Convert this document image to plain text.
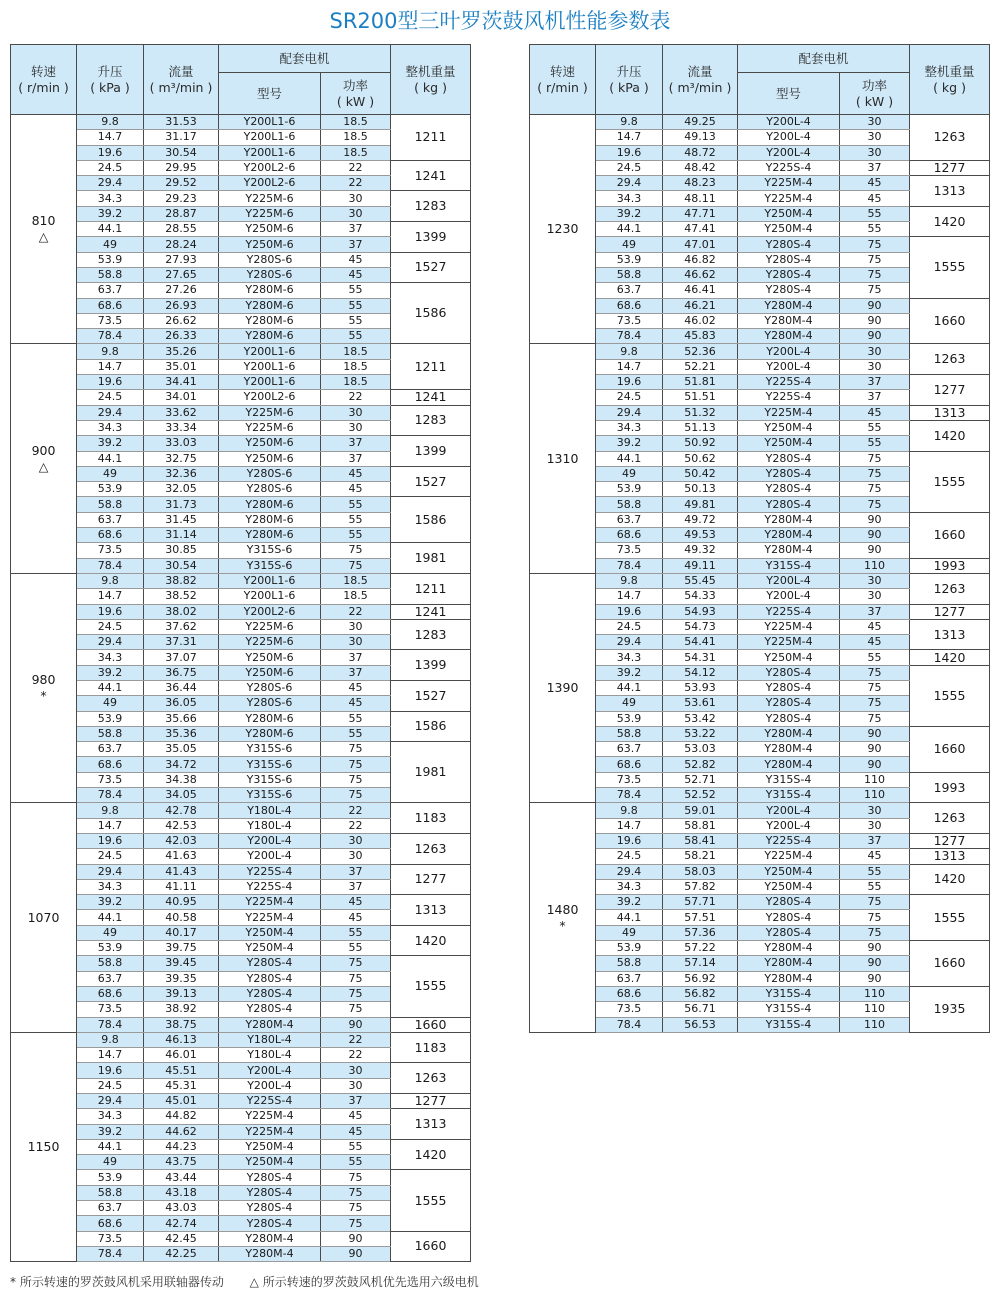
SR200型三叶罗茨鼓风机性能参数表
转速
( r/min )	升压
( kPa )	流量
( m³/min )	配套电机		整机重量
( kg )
			型号	功率
( kW )	
810
△	9.8	31.53	Y200L1-6	18.5	1211
	14.7	31.17	Y200L1-6	18.5	
	19.6	30.54	Y200L1-6	18.5	
	24.5	29.95	Y200L2-6	22	1241
	29.4	29.52	Y200L2-6	22	
	34.3	29.23	Y225M-6	30	1283
	39.2	28.87	Y225M-6	30	
	44.1	28.55	Y250M-6	37	1399
	49	28.24	Y250M-6	37	
	53.9	27.93	Y280S-6	45	1527
	58.8	27.65	Y280S-6	45	
	63.7	27.26	Y280M-6	55	1586
	68.6	26.93	Y280M-6	55	
	73.5	26.62	Y280M-6	55	
	78.4	26.33	Y280M-6	55	
900
△	9.8	35.26	Y200L1-6	18.5	1211
	14.7	35.01	Y200L1-6	18.5	
	19.6	34.41	Y200L1-6	18.5	
	24.5	34.01	Y200L2-6	22	1241
	29.4	33.62	Y225M-6	30	1283
	34.3	33.34	Y225M-6	30	
	39.2	33.03	Y250M-6	37	1399
	44.1	32.75	Y250M-6	37	
	49	32.36	Y280S-6	45	1527
	53.9	32.05	Y280S-6	45	
	58.8	31.73	Y280M-6	55	1586
	63.7	31.45	Y280M-6	55	
	68.6	31.14	Y280M-6	55	
	73.5	30.85	Y315S-6	75	1981
	78.4	30.54	Y315S-6	75	
980
*	9.8	38.82	Y200L1-6	18.5	1211
	14.7	38.52	Y200L1-6	18.5	
	19.6	38.02	Y200L2-6	22	1241
	24.5	37.62	Y225M-6	30	1283
	29.4	37.31	Y225M-6	30	
	34.3	37.07	Y250M-6	37	1399
	39.2	36.75	Y250M-6	37	
	44.1	36.44	Y280S-6	45	1527
	49	36.05	Y280S-6	45	
	53.9	35.66	Y280M-6	55	1586
	58.8	35.36	Y280M-6	55	
	63.7	35.05	Y315S-6	75	1981
	68.6	34.72	Y315S-6	75	
	73.5	34.38	Y315S-6	75	
	78.4	34.05	Y315S-6	75	
1070	9.8	42.78	Y180L-4	22	1183
	14.7	42.53	Y180L-4	22	
	19.6	42.03	Y200L-4	30	1263
	24.5	41.63	Y200L-4	30	
	29.4	41.43	Y225S-4	37	1277
	34.3	41.11	Y225S-4	37	
	39.2	40.95	Y225M-4	45	1313
	44.1	40.58	Y225M-4	45	
	49	40.17	Y250M-4	55	1420
	53.9	39.75	Y250M-4	55	
	58.8	39.45	Y280S-4	75	1555
	63.7	39.35	Y280S-4	75	
	68.6	39.13	Y280S-4	75	
	73.5	38.92	Y280S-4	75	
	78.4	38.75	Y280M-4	90	1660
1150	9.8	46.13	Y180L-4	22	1183
	14.7	46.01	Y180L-4	22	
	19.6	45.51	Y200L-4	30	1263
	24.5	45.31	Y200L-4	30	
	29.4	45.01	Y225S-4	37	1277
	34.3	44.82	Y225M-4	45	1313
	39.2	44.62	Y225M-4	45	
	44.1	44.23	Y250M-4	55	1420
	49	43.75	Y250M-4	55	
	53.9	43.44	Y280S-4	75	1555
	58.8	43.18	Y280S-4	75	
	63.7	43.03	Y280S-4	75	
	68.6	42.74	Y280S-4	75	
	73.5	42.45	Y280M-4	90	1660
	78.4	42.25	Y280M-4	90	
转速
( r/min )	升压
( kPa )	流量
( m³/min )	配套电机		整机重量
( kg )
			型号	功率
( kW )	
1230	9.8	49.25	Y200L-4	30	1263
	14.7	49.13	Y200L-4	30	
	19.6	48.72	Y200L-4	30	
	24.5	48.42	Y225S-4	37	1277
	29.4	48.23	Y225M-4	45	1313
	34.3	48.11	Y225M-4	45	
	39.2	47.71	Y250M-4	55	1420
	44.1	47.41	Y250M-4	55	
	49	47.01	Y280S-4	75	1555
	53.9	46.82	Y280S-4	75	
	58.8	46.62	Y280S-4	75	
	63.7	46.41	Y280S-4	75	
	68.6	46.21	Y280M-4	90	1660
	73.5	46.02	Y280M-4	90	
	78.4	45.83	Y280M-4	90	
1310	9.8	52.36	Y200L-4	30	1263
	14.7	52.21	Y200L-4	30	
	19.6	51.81	Y225S-4	37	1277
	24.5	51.51	Y225S-4	37	
	29.4	51.32	Y225M-4	45	1313
	34.3	51.13	Y250M-4	55	1420
	39.2	50.92	Y250M-4	55	
	44.1	50.62	Y280S-4	75	1555
	49	50.42	Y280S-4	75	
	53.9	50.13	Y280S-4	75	
	58.8	49.81	Y280S-4	75	
	63.7	49.72	Y280M-4	90	1660
	68.6	49.53	Y280M-4	90	
	73.5	49.32	Y280M-4	90	
	78.4	49.11	Y315S-4	110	1993
1390	9.8	55.45	Y200L-4	30	1263
	14.7	54.33	Y200L-4	30	
	19.6	54.93	Y225S-4	37	1277
	24.5	54.73	Y225M-4	45	1313
	29.4	54.41	Y225M-4	45	
	34.3	54.31	Y250M-4	55	1420
	39.2	54.12	Y280S-4	75	1555
	44.1	53.93	Y280S-4	75	
	49	53.61	Y280S-4	75	
	53.9	53.42	Y280S-4	75	
	58.8	53.22	Y280M-4	90	1660
	63.7	53.03	Y280M-4	90	
	68.6	52.82	Y280M-4	90	
	73.5	52.71	Y315S-4	110	1993
	78.4	52.52	Y315S-4	110	
1480
*	9.8	59.01	Y200L-4	30	1263
	14.7	58.81	Y200L-4	30	
	19.6	58.41	Y225S-4	37	1277
	24.5	58.21	Y225M-4	45	1313
	29.4	58.03	Y250M-4	55	1420
	34.3	57.82	Y250M-4	55	
	39.2	57.71	Y280S-4	75	1555
	44.1	57.51	Y280S-4	75	
	49	57.36	Y280S-4	75	
	53.9	57.22	Y280M-4	90	1660
	58.8	57.14	Y280M-4	90	
	63.7	56.92	Y280M-4	90	
	68.6	56.82	Y315S-4	110	1935
	73.5	56.71	Y315S-4	110	
	78.4	56.53	Y315S-4	110	
* 所示转速的罗茨鼓风机采用联轴器传动 △ 所示转速的罗茨鼓风机优先选用六级电机
